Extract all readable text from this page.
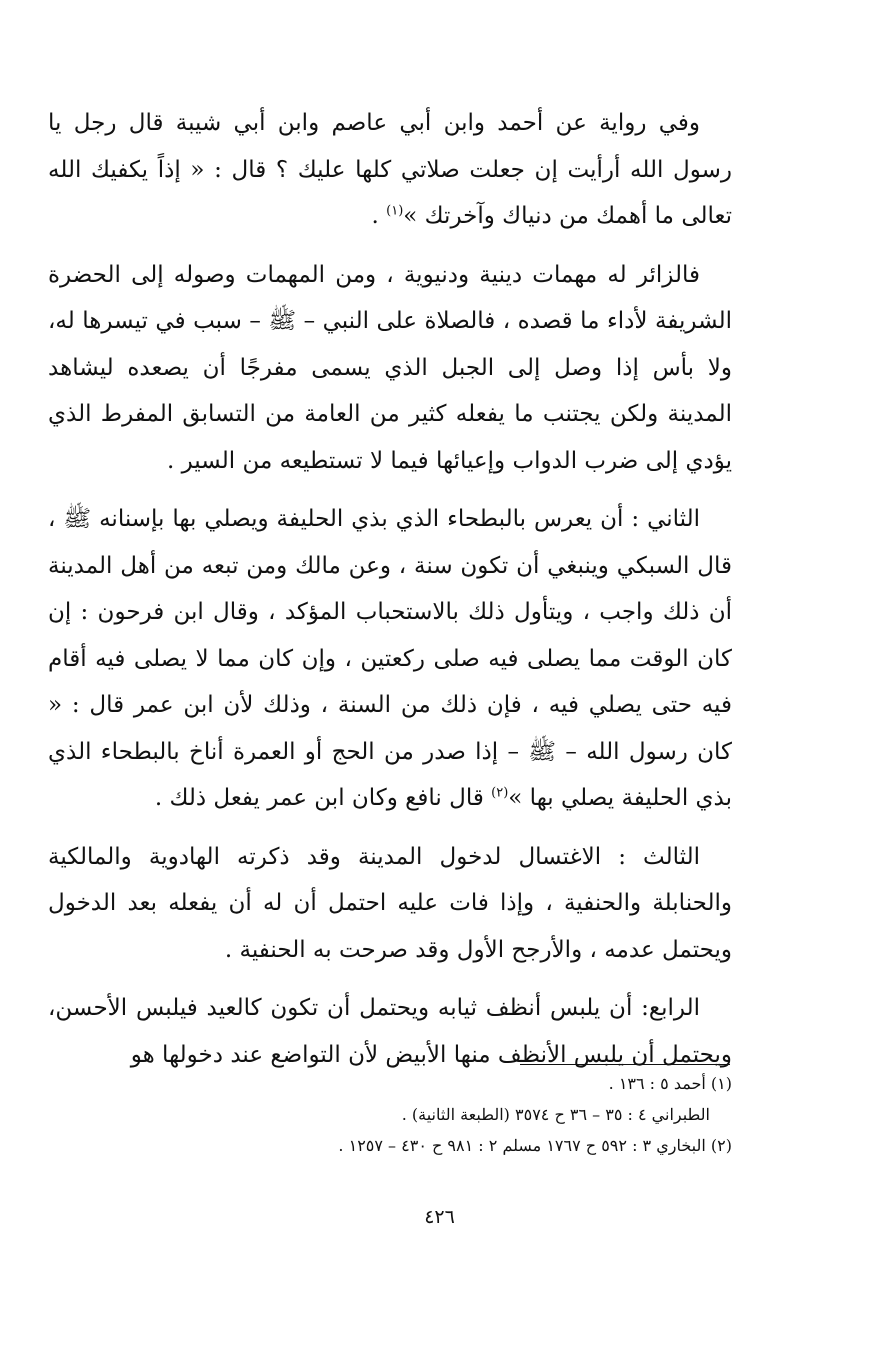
وفي رواية عن أحمد وابن أبي عاصم وابن أبي شيبة قال رجل يا رسول الله أرأيت إن جعلت صلاتي كلها عليك ؟ قال : « إذاً يكفيك الله تعالى ما أهمك من دنياك وآخرتك »$^{(١)}$ .

فالزائر له مهمات دينية ودنيوية ، ومن المهمات وصوله إلى الحضرة الشريفة لأداء ما قصده ، فالصلاة على النبي – ﷺ – سبب في تيسرها له، ولا بأس إذا وصل إلى الجبل الذي يسمى مفرجًا أن يصعده ليشاهد المدينة ولكن يجتنب ما يفعله كثير من العامة من التسابق المفرط الذي يؤدي إلى ضرب الدواب وإعيائها فيما لا تستطيعه من السير .

الثاني : أن يعرس بالبطحاء الذي بذي الحليفة ويصلي بها بإسنانه ﷺ ، قال السبكي وينبغي أن تكون سنة ، وعن مالك ومن تبعه من أهل المدينة أن ذلك واجب ، ويتأول ذلك بالاستحباب المؤكد ، وقال ابن فرحون : إن كان الوقت مما يصلى فيه صلى ركعتين ، وإن كان مما لا يصلى فيه أقام فيه حتى يصلي فيه ، فإن ذلك من السنة ، وذلك لأن ابن عمر قال : « كان رسول الله – ﷺ – إذا صدر من الحج أو العمرة أناخ بالبطحاء الذي بذي الحليفة يصلي بها »$^{(٢)}$ قال نافع وكان ابن عمر يفعل ذلك .

الثالث : الاغتسال لدخول المدينة وقد ذكرته الهادوية والمالكية والحنابلة والحنفية ، وإذا فات عليه احتمل أن له أن يفعله بعد الدخول ويحتمل عدمه ، والأرجح الأول وقد صرحت به الحنفية .

الرابع: أن يلبس أنظف ثيابه ويحتمل أن تكون كالعيد فيلبس الأحسن، ويحتمل أن يلبس الأنظف منها الأبيض لأن التواضع عند دخولها هو

(١) أحمد ٥ : ١٣٦ .
الطبراني ٤ : ٣٥ – ٣٦ ح ٣٥٧٤ (الطبعة الثانية) .
(٢) البخاري ٣ : ٥٩٢ ح ١٧٦٧ مسلم ٢ : ٩٨١ ح ٤٣٠ – ١٢٥٧ .
٤٢٦
